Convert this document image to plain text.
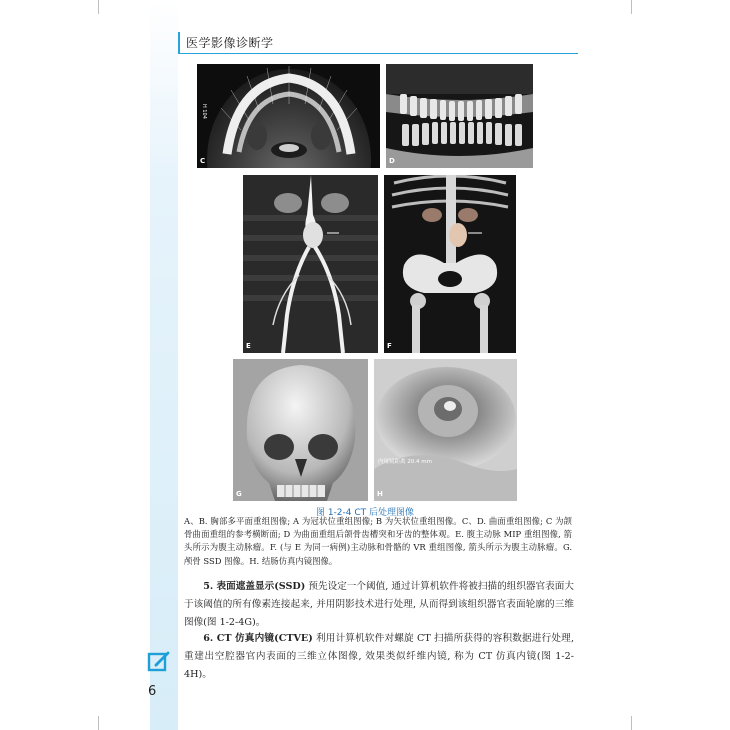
医学影像诊断学
C
H 104
D
E	F
G
内窥镜距离 20.4 mm
H
图 1-2-4 CT 后处理图像
A、B. 胸部多平面重组图像; A 为冠状位重组图像; B 为矢状位重组图像。C、D. 曲面重组图像; C 为颌骨曲面重组的参考横断面; D 为曲面重组后颌骨齿槽突和牙齿的整体观。E. 腹主动脉 MIP 重组图像, 箭头所示为腹主动脉瘤。F. (与 E 为同一病例)主动脉和骨骼的 VR 重组图像, 箭头所示为腹主动脉瘤。G. 颅骨 SSD 图像。H. 结肠仿真内镜图像。
5. 表面遮盖显示(SSD) 预先设定一个阈值, 通过计算机软件将被扫描的组织器官表面大于该阈值的所有像素连接起来, 并用阴影技术进行处理, 从而得到该组织器官表面轮廓的三维图像(图 1-2-4G)。
6. CT 仿真内镜(CTVE) 利用计算机软件对螺旋 CT 扫描所获得的容积数据进行处理, 重建出空腔器官内表面的三维立体图像, 效果类似纤维内镜, 称为 CT 仿真内镜(图 1-2-4H)。
6
